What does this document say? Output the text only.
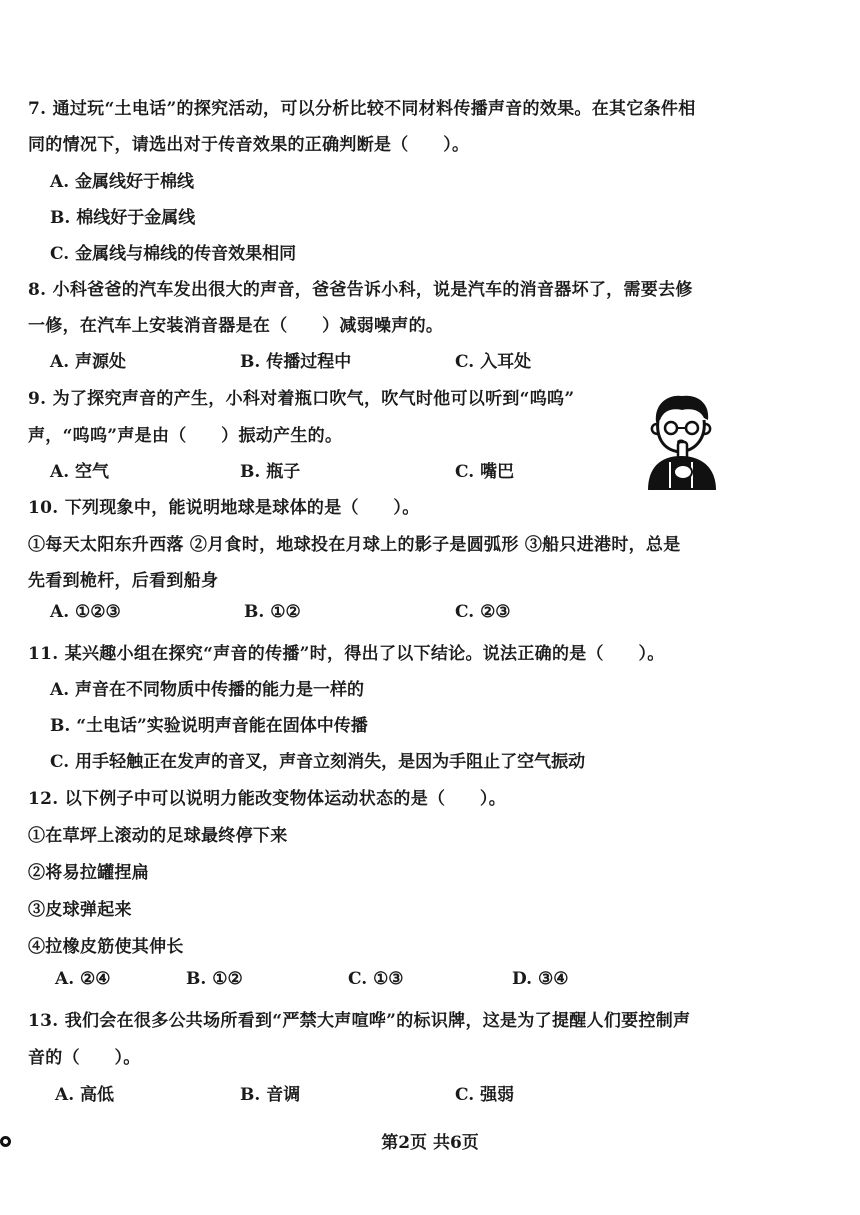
7. 通过玩“土电话”的探究活动，可以分析比较不同材料传播声音的效果。在其它条件相
同的情况下，请选出对于传音效果的正确判断是（　　）。
A. 金属线好于棉线
B. 棉线好于金属线
C. 金属线与棉线的传音效果相同
8. 小科爸爸的汽车发出很大的声音，爸爸告诉小科，说是汽车的消音器坏了，需要去修
一修，在汽车上安装消音器是在（　　）减弱噪声的。
A. 声源处	B. 传播过程中	C. 入耳处
9. 为了探究声音的产生，小科对着瓶口吹气，吹气时他可以听到“呜呜”
声，“呜呜”声是由（　　）振动产生的。
A. 空气	B. 瓶子	C. 嘴巴
10. 下列现象中，能说明地球是球体的是（　　）。
①每天太阳东升西落 ②月食时，地球投在月球上的影子是圆弧形 ③船只进港时，总是
先看到桅杆，后看到船身
A. ①②③	B. ①②	C. ②③
11. 某兴趣小组在探究“声音的传播”时，得出了以下结论。说法正确的是（　　）。
A. 声音在不同物质中传播的能力是一样的
B. “土电话”实验说明声音能在固体中传播
C. 用手轻触正在发声的音叉，声音立刻消失，是因为手阻止了空气振动
12. 以下例子中可以说明力能改变物体运动状态的是（　　）。
①在草坪上滚动的足球最终停下来
②将易拉罐捏扁
③皮球弹起来
④拉橡皮筋使其伸长
A. ②④	B. ①②	C. ①③	D. ③④
13. 我们会在很多公共场所看到“严禁大声喧哗”的标识牌，这是为了提醒人们要控制声
音的（　　）。
A. 高低	B. 音调	C. 强弱
第2页 共6页
